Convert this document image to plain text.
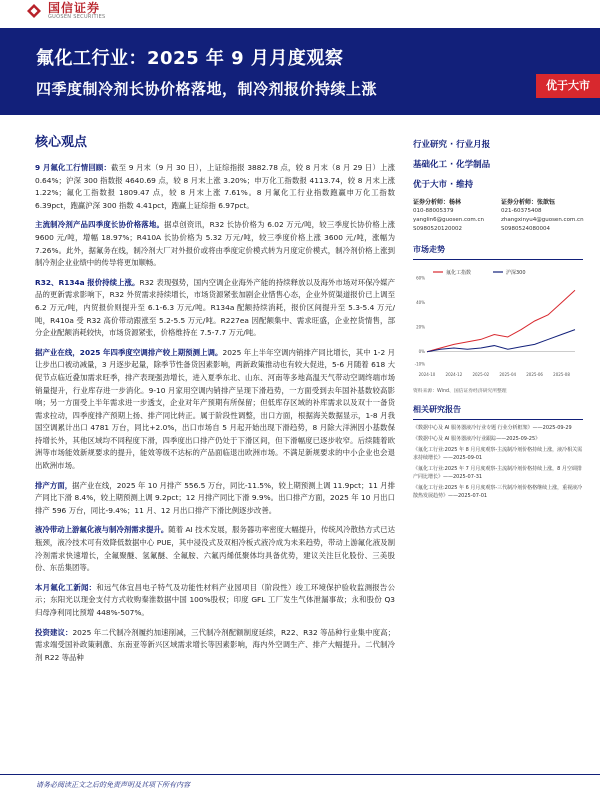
国信证券
GUOSEN SECURITIES
氟化工行业：2025 年 9 月月度观察
四季度制冷剂长协价格落地，制冷剂报价持续上涨	优于大市
核心观点
9 月氟化工行情回顾：截至 9 月末（9 月 30 日），上证综指报 3882.78 点，较 8 月末（8 月 29 日）上涨 0.64%；沪深 300 指数报 4640.69 点，较 8 月末上涨 3.20%；申万化工指数报 4113.74，较 8 月末上涨 1.22%；氟化工指数报 1809.47 点，较 8 月末上涨 7.61%。8 月氟化工行业指数跑赢申万化工指数 6.39pct，跑赢沪深 300 指数 4.41pct，跑赢上证综指 6.97pct。
主流制冷剂产品四季度长协价格落地。据卓创资讯，R32 长协价格为 6.02 万元/吨，较三季度长协价格上涨 9600 元/吨，增幅 18.97%；R410A 长协价格为 5.32 万元/吨，较三季度价格上涨 3600 元/吨，涨幅为 7.26%。此外，据氟务在线，制冷剂大厂对外报价或将由季度定价模式转为月度定价模式，制冷剂价格上涨到制冷剂企业业绩中的传导将更加顺畅。
R32、R134a 报价持续上涨。R32 表现强势，国内空调企业海外产能的持续释放以及海外市场对环保冷媒产品的更新需求影响下，R32 外贸需求持续增长，市场货源紧张加剧企业惜售心态，企业外贸渠道报价已上调至 6.2 万元/吨，内贸报价则提升至 6.1-6.3 万元/吨。R134a 配额持续消耗，报价区间提升至 5.3-5.4 万元/吨，R410a 受 R32 高价带动跟涨至 5.2-5.5 万元/吨。R227ea 因配额集中、需求旺盛，企业控货情售，部分企业配额消耗较快，市场货源紧张，价格维持在 7.5-7.7 万元/吨。
据产业在线，2025 年四季度空调排产较上期预测上调。2025 年上半年空调内销排产同比增长，其中 1-2 月让步出口被动减量，3 月逐步起量，除季节性备货因素影响，两新政策推动也有较大促进，5-6 月随着 618 大促节点临近叠加需求旺季，排产表现强劲增长，进入夏季东北、山东、河南等多地高温天气带动空调终端市场销量提升，行业库存进一步消化。9-10 月家用空调内销排产呈现下滑趋势，一方面受到去年国补基数较高影响；另一方面受上半年需求进一步透支，企业对年产预期有所保留；但低库存区域的补库需求以及双十一备货需求拉动，四季度排产预期上扬、排产同比转正。属于阶段性调整，出口方面，根据海关数据显示，1-8 月我国空调累计出口 4781 万台，同比+2.0%，出口市场自 5 月起开始出现下滑趋势，8 月除大洋洲因小基数保持增长外，其他区域均不同程度下滑，四季度出口排产仍处于下滑区间，但下滑幅度已逐步收窄。后续随着欧洲等市场能效新规要求的提升，能效等级不达标的产品面临退出欧洲市场。不满足新规要求的中小企业也会退出欧洲市场。
排产方面，据产业在线，2025 年 10 月排产 556.5 万台，同比-11.5%，较上期预测上调 11.9pct；11 月排产同比下滑 8.4%，较上期预测上调 9.2pct；12 月排产同比下滑 9.9%。出口排产方面，2025 年 10 月出口排产 596 万台，同比-9.4%；11 月、12 月出口排产下滑比例逐步改善。
液冷带动上游氟化液与制冷剂需求提升。随着 AI 技术发展，服务器功率密度大幅提升，传统风冷散热方式已达瓶颈，液冷技术可有效降低数据中心 PUE，其中浸没式及双相冷板式液冷成为未来趋势，带动上游氟化液及制冷剂需求快速增长，全氟聚醚、氢氟醚、全氟胺、六氟丙烯低聚体均具备优势，建议关注巨化股份、三美股份、东岳集团等。
本月氟化工新闻：和远气体宜昌电子特气及功能性材料产业园项目（阶段性）竣工环境保护验收监测报告公示；东阳光以现金支付方式收购秦淮数据中国 100%股权；印度 GFL 工厂发生气体泄漏事故；永和股份 Q3 归母净利同比预增 448%-507%。
投资建议：2025 年二代制冷剂履约加速削减，三代制冷剂配额制度延续，R22、R32 等品种行业集中度高；需求端受国补政策刺激、东南亚等新兴区域需求增长等因素影响，海内外空调生产、排产大幅提升。二代制冷剂 R22 等品种
行业研究 · 行业月报
基础化工 · 化学制品
优于大市 · 维持
证券分析师：杨林
010-88005379
yanglin6@guosen.com.cn
S0980520120002
证券分析师：张歆钰
021-60375408
zhangxinyu4@guosen.com.cn
S0980524080004
市场走势
氟化工指数	沪深300
2024-10	2024-12	2025-02	2025-04	2025-06	2025-08
-10%
0%
20%
40%
60%
资料来源：Wind、国信证券经济研究所整理
相关研究报告
《数据中心及 AI 服务器液冷行业专题 行业分析框架》——2025-09-29
《数据中心及 AI 服务器液冷行业跟踪——2025-09-25》
《氟化工行业:2025 年 8 月月度观察-主流制冷剂价格持续上涨，液冷相关需求持续增长》——2025-09-01
《氟化工行业:2025 年 7 月月度观察-主流制冷剂价格持续上涨，8 月空调排产同比增长》——2025-07-31
《氟化工行业:2025 年 6 月月度观察-三代制冷剂价格格继续上涨，重视液冷散热发展趋势》——2025-07-01
请务必阅读正文之后的免责声明及其项下所有内容
